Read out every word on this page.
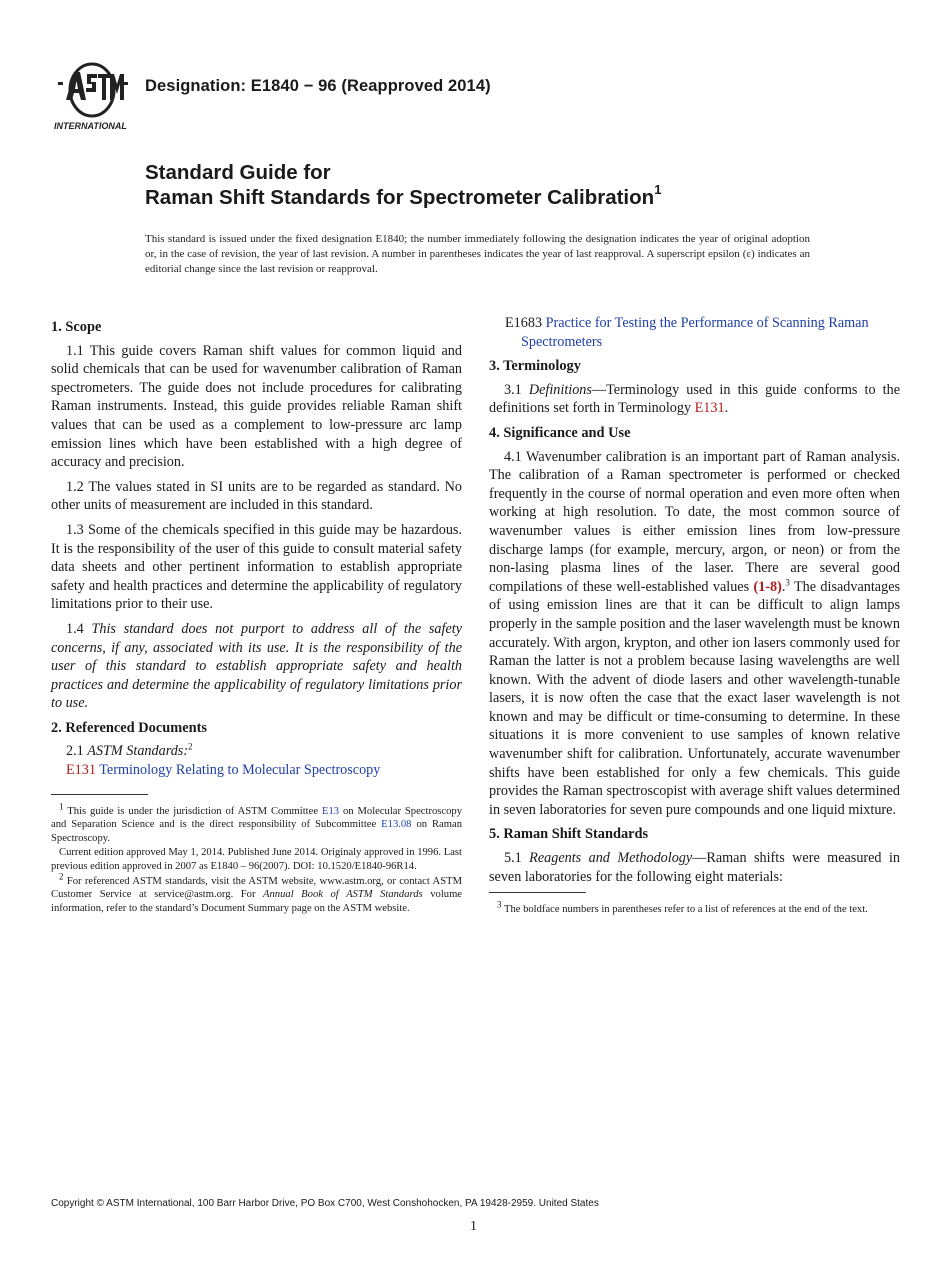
INTERNATIONAL
Designation: E1840 − 96 (Reapproved 2014)
Standard Guide for
Raman Shift Standards for Spectrometer Calibration$^1$
This standard is issued under the fixed designation E1840; the number immediately following the designation indicates the year of original adoption or, in the case of revision, the year of last revision. A number in parentheses indicates the year of last reapproval. A superscript epsilon (ε) indicates an editorial change since the last revision or reapproval.

1. Scope

1.1 This guide covers Raman shift values for common liquid and solid chemicals that can be used for wavenumber calibration of Raman spectrometers. The guide does not include procedures for calibrating Raman instruments. Instead, this guide provides reliable Raman shift values that can be used as a complement to low-pressure arc lamp emission lines which have been established with a high degree of accuracy and precision.

1.2 The values stated in SI units are to be regarded as standard. No other units of measurement are included in this standard.

1.3 Some of the chemicals specified in this guide may be hazardous. It is the responsibility of the user of this guide to consult material safety data sheets and other pertinent information to establish appropriate safety and health practices and determine the applicability of regulatory limitations prior to their use.

1.4 This standard does not purport to address all of the safety concerns, if any, associated with its use. It is the responsibility of the user of this standard to establish appropriate safety and health practices and determine the applicability of regulatory limitations prior to use.

2. Referenced Documents

2.1 ASTM Standards:$^2$

E131 Terminology Relating to Molecular Spectroscopy

$^1$ This guide is under the jurisdiction of ASTM Committee E13 on Molecular Spectroscopy and Separation Science and is the direct responsibility of Subcommittee E13.08 on Raman Spectroscopy.

Current edition approved May 1, 2014. Published June 2014. Originaly approved in 1996. Last previous edition approved in 2007 as E1840 – 96(2007). DOI: 10.1520/E1840-96R14.

$^2$ For referenced ASTM standards, visit the ASTM website, www.astm.org, or contact ASTM Customer Service at service@astm.org. For Annual Book of ASTM Standards volume information, refer to the standard’s Document Summary page on the ASTM website.

E1683 Practice for Testing the Performance of Scanning Raman Spectrometers

3. Terminology

3.1 Definitions—Terminology used in this guide conforms to the definitions set forth in Terminology E131.

4. Significance and Use

4.1 Wavenumber calibration is an important part of Raman analysis. The calibration of a Raman spectrometer is performed or checked frequently in the course of normal operation and even more often when working at high resolution. To date, the most common source of wavenumber values is either emission lines from low-pressure discharge lamps (for example, mercury, argon, or neon) or from the non-lasing plasma lines of the laser. There are several good compilations of these well-established values (1-8).$^3$ The disadvantages of using emission lines are that it can be difficult to align lamps properly in the sample position and the laser wavelength must be known accurately. With argon, krypton, and other ion lasers commonly used for Raman the latter is not a problem because lasing wavelengths are well known. With the advent of diode lasers and other wavelength-tunable lasers, it is now often the case that the exact laser wavelength is not known and may be difficult or time-consuming to determine. In these situations it is more convenient to use samples of known relative wavenumber shift for calibration. Unfortunately, accurate wavenumber shifts have been established for only a few chemicals. This guide provides the Raman spectroscopist with average shift values determined in seven laboratories for seven pure compounds and one liquid mixture.

5. Raman Shift Standards

5.1 Reagents and Methodology—Raman shifts were measured in seven laboratories for the following eight materials:

$^3$ The boldface numbers in parentheses refer to a list of references at the end of the text.

Copyright © ASTM International, 100 Barr Harbor Drive, PO Box C700, West Conshohocken, PA 19428-2959. United States
1
